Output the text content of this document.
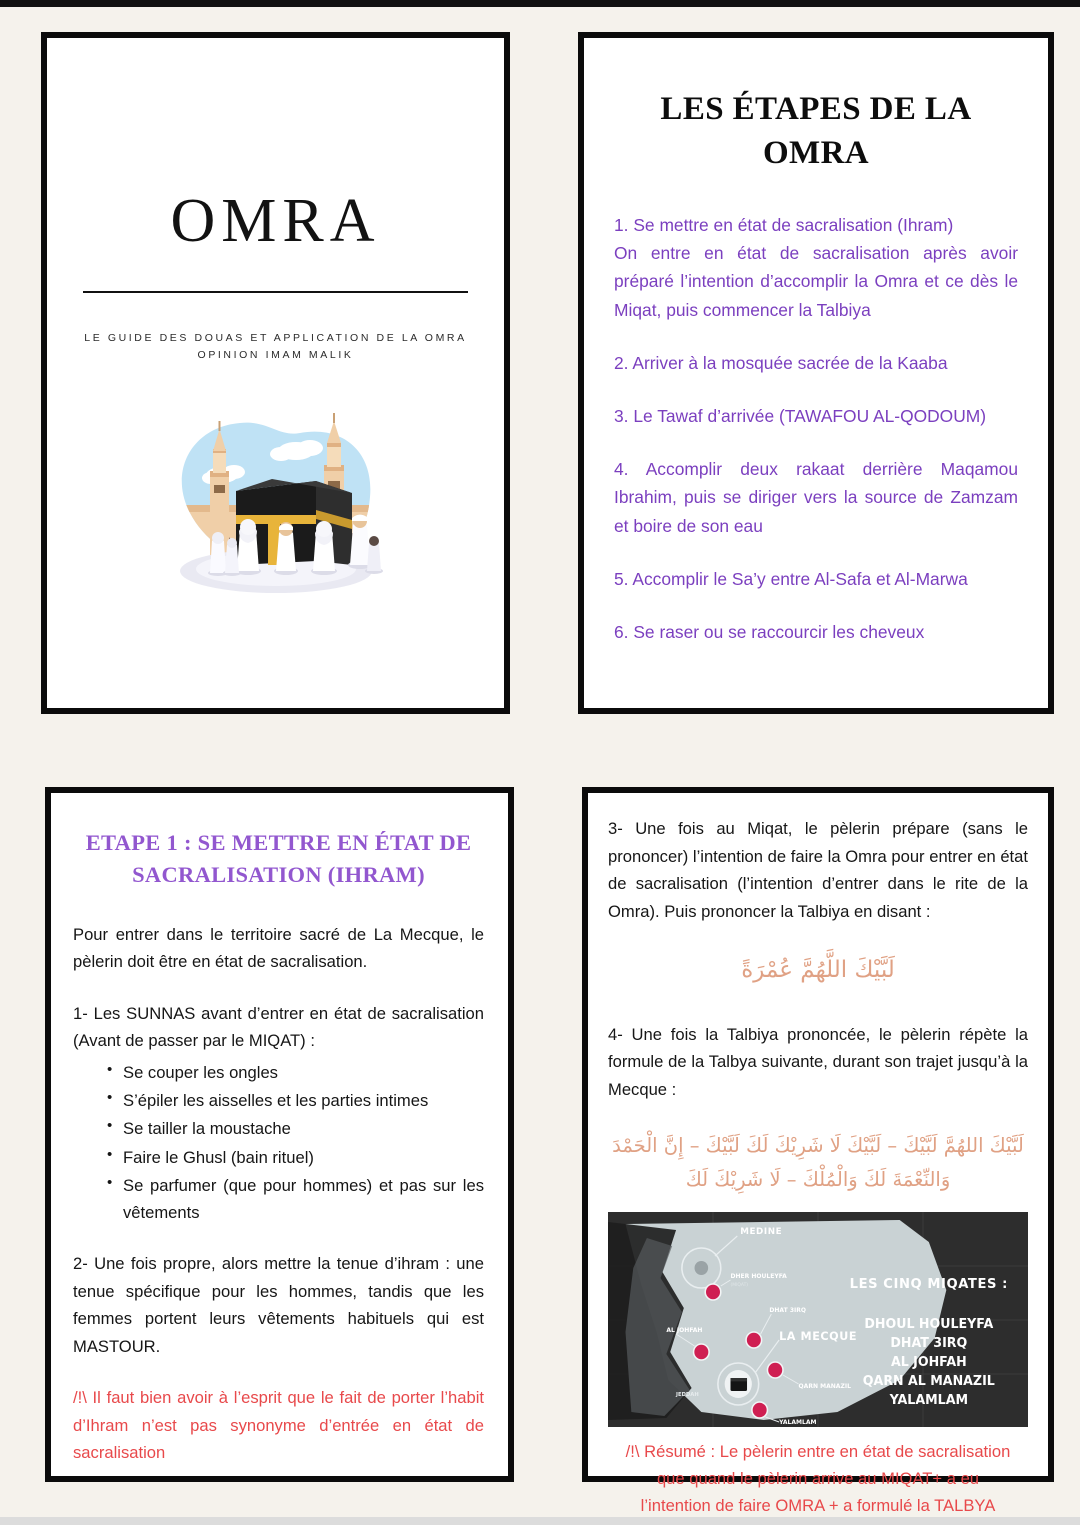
OMRA
LE GUIDE DES DOUAS ET APPLICATION DE LA OMRA
OPINION IMAM MALIK
LES ÉTAPES DE LA OMRA

1. Se mettre en état de sacralisation (Ihram)
On entre en état de sacralisation après avoir préparé l’intention d’accomplir la Omra et ce dès le Miqat, puis commencer la Talbiya

2. Arriver à la mosquée sacrée de la Kaaba

3. Le Tawaf d’arrivée (TAWAFOU AL-QODOUM)

4. Accomplir deux rakaat derrière Maqamou Ibrahim, puis se diriger vers la source de Zamzam et boire de son eau

5. Accomplir le Sa’y entre Al-Safa et Al-Marwa

6. Se raser ou se raccourcir les cheveux

ETAPE 1 : SE METTRE EN ÉTAT DE SACRALISATION (IHRAM)

Pour entrer dans le territoire sacré de La Mecque, le pèlerin doit être en état de sacralisation.

1- Les SUNNAS avant d’entrer en état de sacralisation (Avant de passer par le MIQAT) :

• Se couper les ongles
• S’épiler les aisselles et les parties intimes
• Se tailler la moustache
• Faire le Ghusl (bain rituel)
• Se parfumer (que pour hommes) et pas sur les vêtements

2- Une fois propre, alors mettre la tenue d’ihram : une tenue spécifique pour les hommes, tandis que les femmes portent leurs vêtements habituels qui est MASTOUR.

/!\ Il faut bien avoir à l’esprit que le fait de porter l’habit d’Ihram n’est pas synonyme d’entrée en état de sacralisation

3- Une fois au Miqat, le pèlerin prépare (sans le prononcer) l’intention de faire la Omra pour entrer en état de sacralisation (l’intention d’entrer dans le rite de la Omra). Puis prononcer la Talbiya en disant :

لَبَّيْكَ اللَّهُمَّ عُمْرَةً

4- Une fois la Talbiya prononcée, le pèlerin répète la formule de la Talbya suivante, durant son trajet jusqu’à la Mecque :

لَبَّيْكَ اللهُمَّ لَبَّيْكَ – لَبَّيْكَ لَا شَرِيْكَ لَكَ لَبَّيْكَ – إِنَّ الْحَمْدَ
وَالنِّعْمَةَ لَكَ وَالْمُلْكَ – لَا شَرِيْكَ لَكَ

MEDINE
LA MECQUE
DHER HOULEYFA
(MIQAT)
DHAT 3IRQ
AL JOHFAH
QARN MANAZIL
YALAMLAM
JEDDAH
LES CINQ MIQATES :
DHOUL HOULEYFA
DHAT 3IRQ
AL JOHFAH
QARN AL MANAZIL
YALAMLAM

/!\ Résumé : Le pèlerin entre en état de sacralisation
que quand le pèlerin arrive au MIQAT+ a eu
l’intention de faire OMRA + a formulé la TALBYA
